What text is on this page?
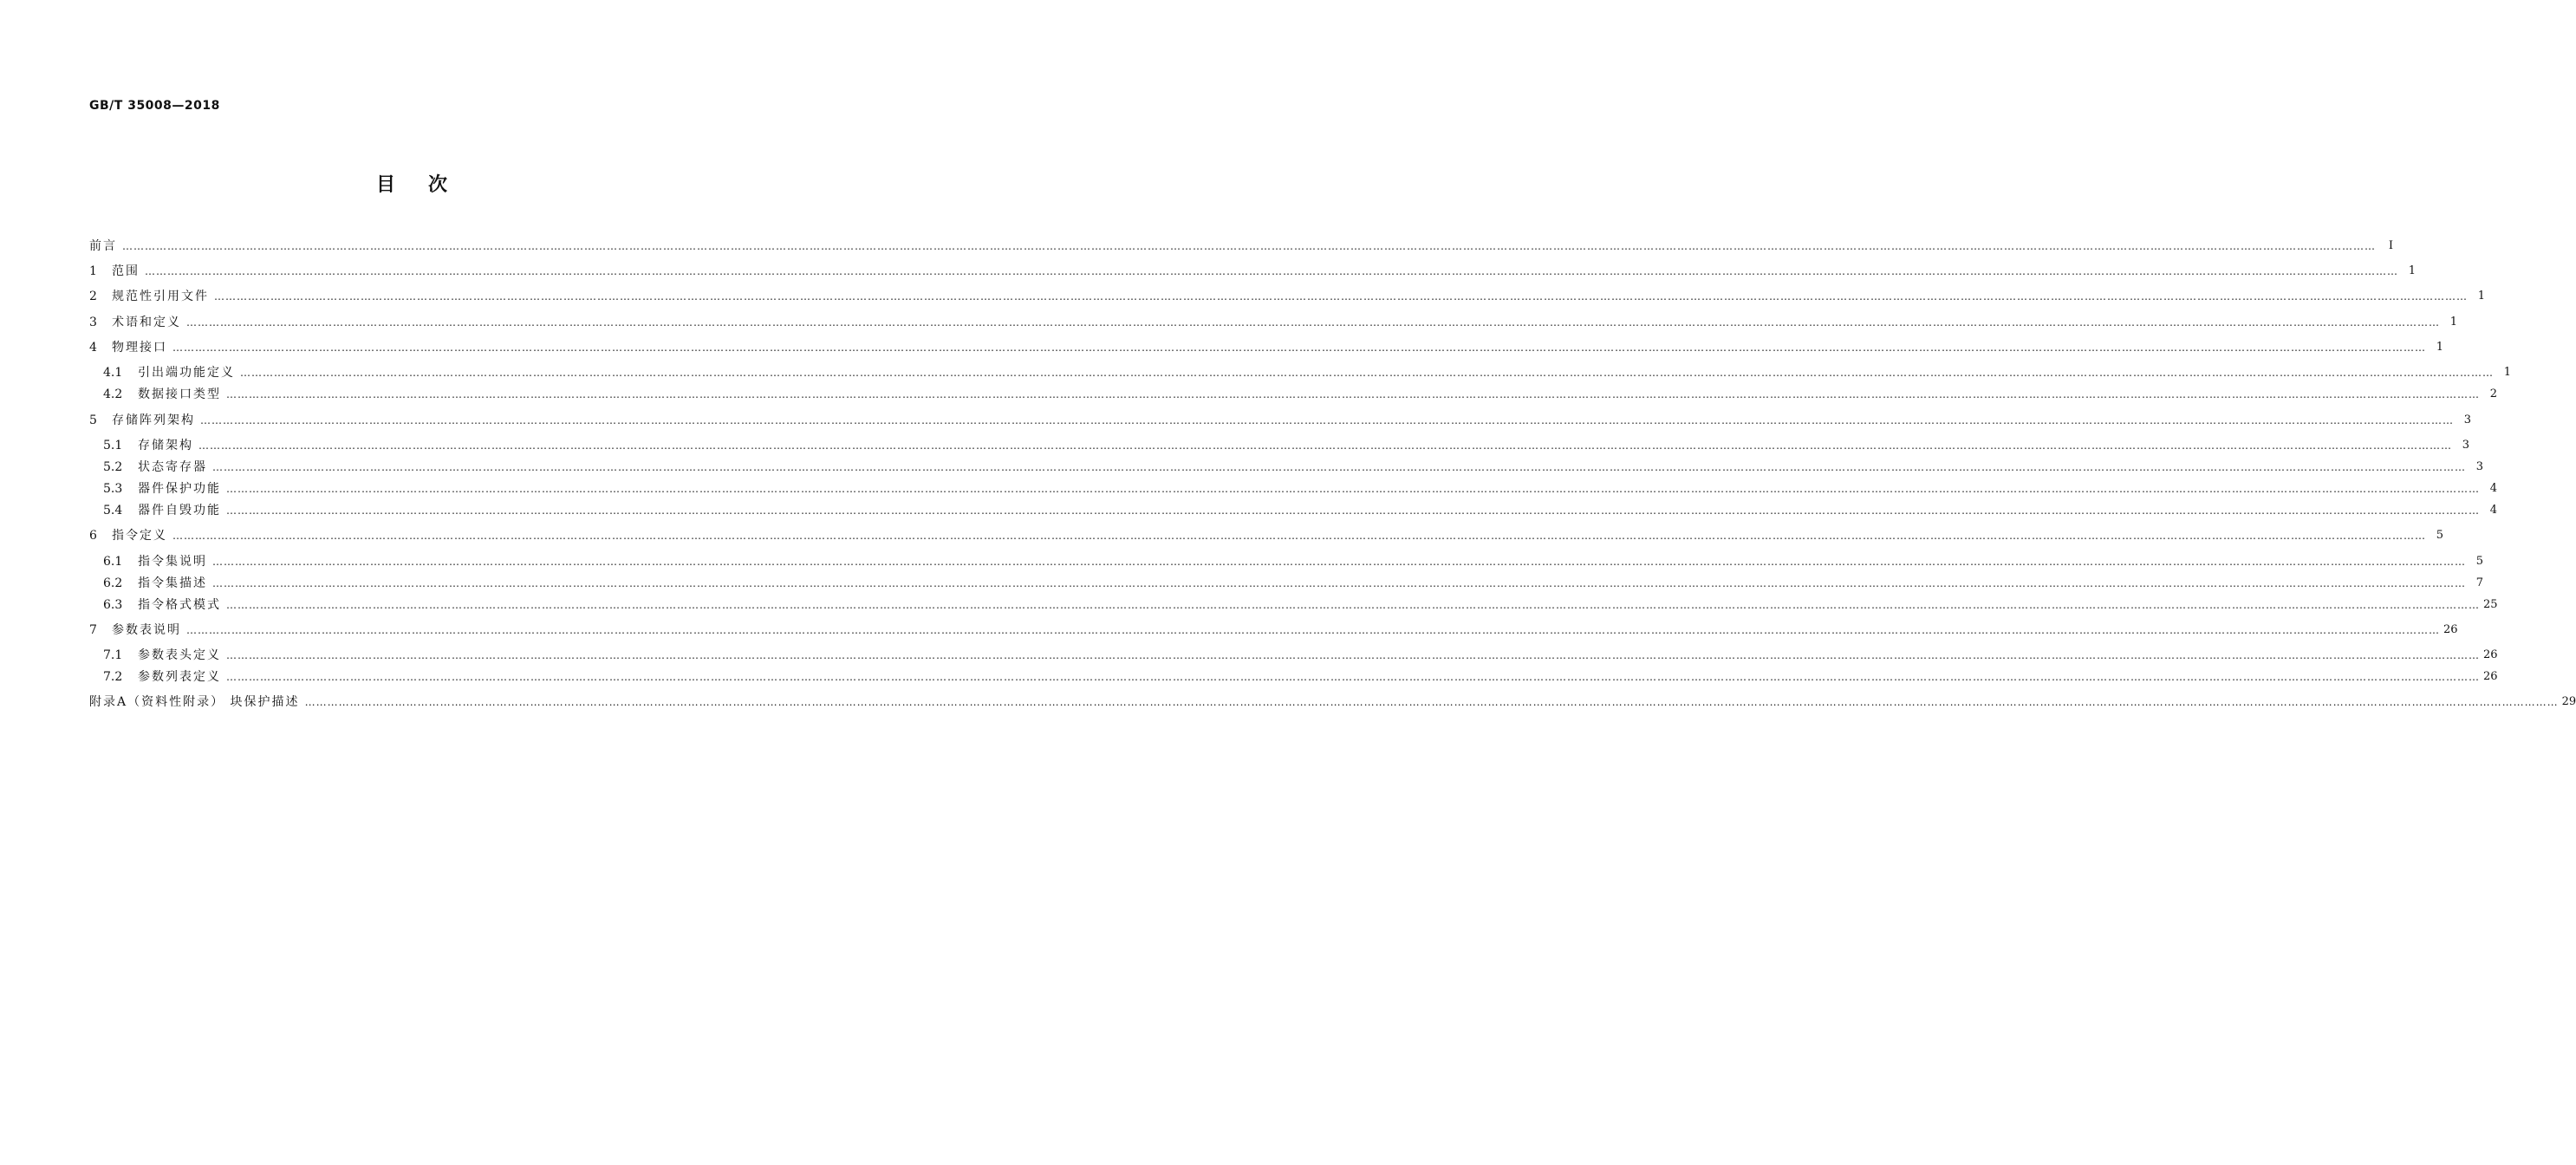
GB/T 35008—2018
目次
前言 ……………………………………………………………………………………………………………………………………………………………………………………………………………………………………………………………………………………………………………………………………………………………………………………………………………………………………………………………………………………………………………………………………………………	Ⅰ
1	范围 …………………………………………………………………………………………………………………………………………………………………………………………………………………………………………………………………………………………………………………………………………………………………………………………………………………………………………………………………………………………………………………………………………………… 1
2	规范性引用文件 …………………………………………………………………………………………………………………………………………………………………………………………………………………………………………………………………………………………………………………………………………………………………………………………………………………………………………………………………………………………………………………………………………………… 1
3	术语和定义 …………………………………………………………………………………………………………………………………………………………………………………………………………………………………………………………………………………………………………………………………………………………………………………………………………………………………………………………………………………………………………………………………………………… 1
4	物理接口 …………………………………………………………………………………………………………………………………………………………………………………………………………………………………………………………………………………………………………………………………………………………………………………………………………………………………………………………………………………………………………………………………………………… 1
4.1	引出端功能定义 …………………………………………………………………………………………………………………………………………………………………………………………………………………………………………………………………………………………………………………………………………………………………………………………………………………………………………………………………………………………………………………………………………………… 1
4.2	数据接口类型 …………………………………………………………………………………………………………………………………………………………………………………………………………………………………………………………………………………………………………………………………………………………………………………………………………………………………………………………………………………………………………………………………………………… 2
5	存储阵列架构 …………………………………………………………………………………………………………………………………………………………………………………………………………………………………………………………………………………………………………………………………………………………………………………………………………………………………………………………………………………………………………………………………………………… 3
5.1	存储架构 …………………………………………………………………………………………………………………………………………………………………………………………………………………………………………………………………………………………………………………………………………………………………………………………………………………………………………………………………………………………………………………………………………………… 3
5.2	状态寄存器 …………………………………………………………………………………………………………………………………………………………………………………………………………………………………………………………………………………………………………………………………………………………………………………………………………………………………………………………………………………………………………………………………………………… 3
5.3	器件保护功能 …………………………………………………………………………………………………………………………………………………………………………………………………………………………………………………………………………………………………………………………………………………………………………………………………………………………………………………………………………………………………………………………………………………… 4
5.4	器件自毁功能 …………………………………………………………………………………………………………………………………………………………………………………………………………………………………………………………………………………………………………………………………………………………………………………………………………………………………………………………………………………………………………………………………………………… 4
6	指令定义 …………………………………………………………………………………………………………………………………………………………………………………………………………………………………………………………………………………………………………………………………………………………………………………………………………………………………………………………………………………………………………………………………………………… 5
6.1	指令集说明 …………………………………………………………………………………………………………………………………………………………………………………………………………………………………………………………………………………………………………………………………………………………………………………………………………………………………………………………………………………………………………………………………………………… 5
6.2	指令集描述 …………………………………………………………………………………………………………………………………………………………………………………………………………………………………………………………………………………………………………………………………………………………………………………………………………………………………………………………………………………………………………………………………………………… 7
6.3	指令格式模式 …………………………………………………………………………………………………………………………………………………………………………………………………………………………………………………………………………………………………………………………………………………………………………………………………………………………………………………………………………………………………………………………………………………… 25
7	参数表说明 …………………………………………………………………………………………………………………………………………………………………………………………………………………………………………………………………………………………………………………………………………………………………………………………………………………………………………………………………………………………………………………………………………………… 26
7.1	参数表头定义 …………………………………………………………………………………………………………………………………………………………………………………………………………………………………………………………………………………………………………………………………………………………………………………………………………………………………………………………………………………………………………………………………………………… 26
7.2	参数列表定义 …………………………………………………………………………………………………………………………………………………………………………………………………………………………………………………………………………………………………………………………………………………………………………………………………………………………………………………………………………………………………………………………………………………… 26
附录A（资料性附录） 块保护描述 …………………………………………………………………………………………………………………………………………………………………………………………………………………………………………………………………………………………………………………………………………………………………………………………………………………………………………………………………………………………………………………………………………………… 29
